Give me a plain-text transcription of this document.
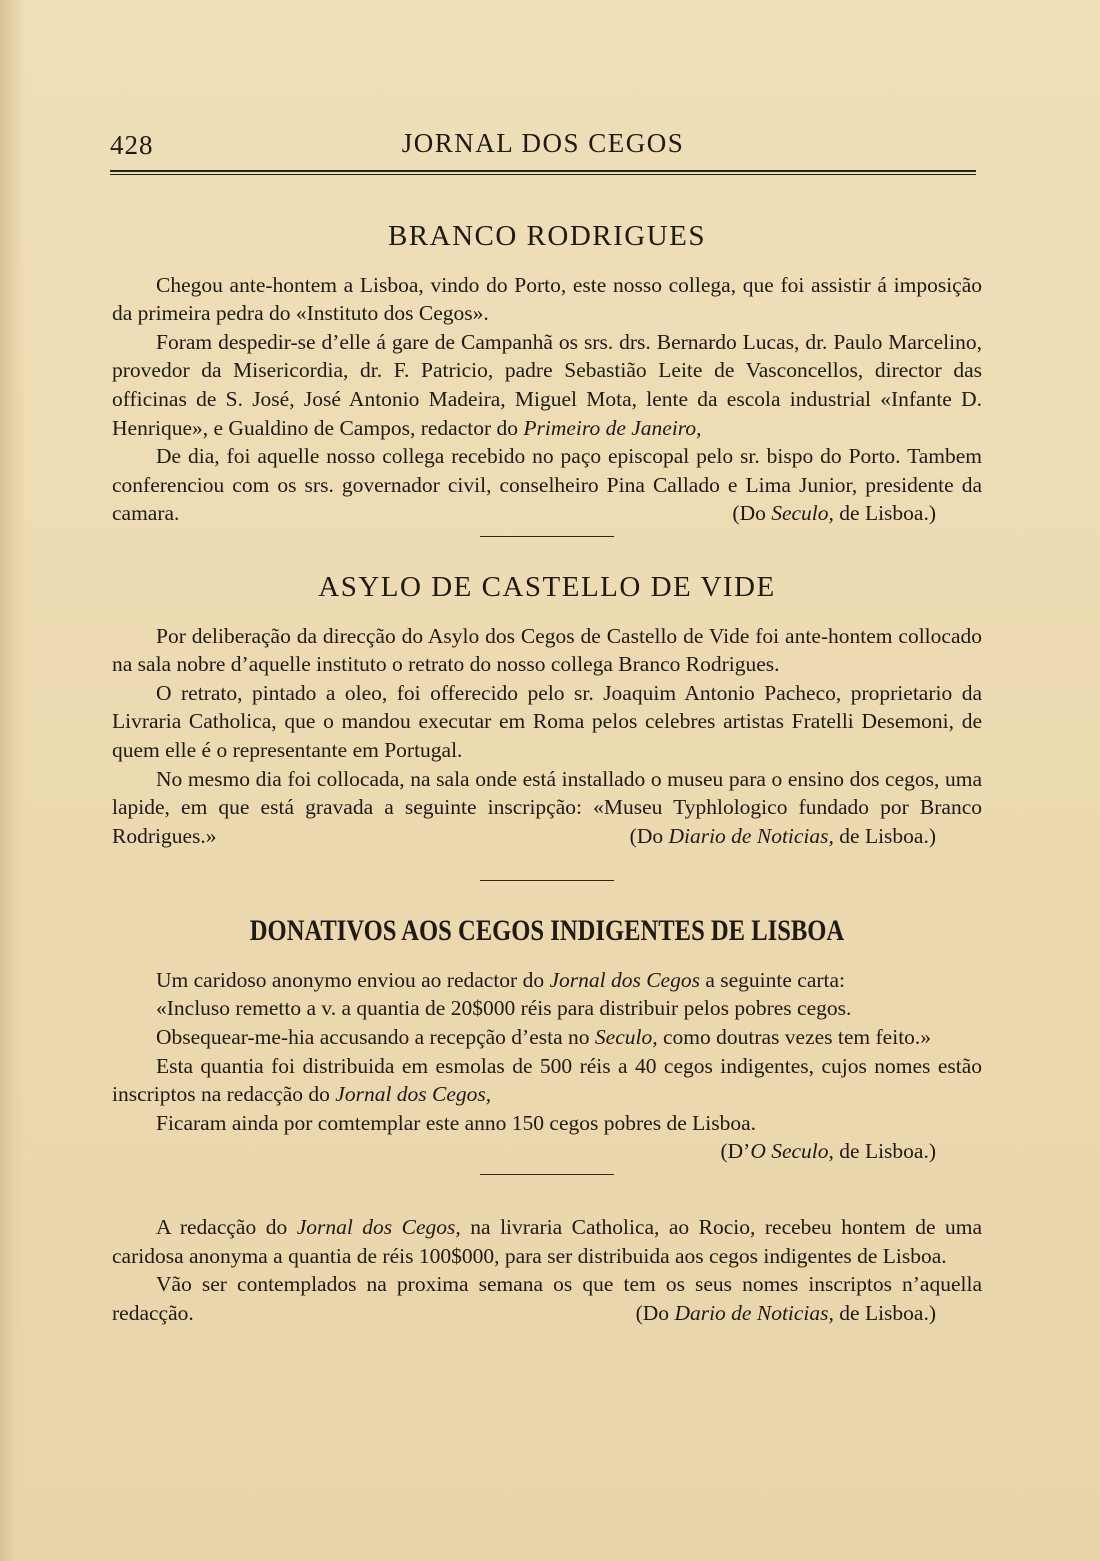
428	JORNAL DOS CEGOS
BRANCO RODRIGUES

Chegou ante-hontem a Lisboa, vindo do Porto, este nosso collega, que foi assistir á imposição da primeira pedra do «Instituto dos Cegos».

Foram despedir-se d’elle á gare de Campanhã os srs. drs. Bernardo Lucas, dr. Paulo Marcelino, provedor da Misericordia, dr. F. Patricio, padre Sebastião Leite de Vasconcellos, director das officinas de S. José, José Antonio Madeira, Miguel Mota, lente da escola industrial «Infante D. Henrique», e Gualdino de Campos, redactor do Primeiro de Janeiro,

De dia, foi aquelle nosso collega recebido no paço episcopal pelo sr. bispo do Porto. Tambem conferenciou com os srs. governador civil, conselheiro Pina Callado e Lima Junior, presidente da camara.	(Do Seculo, de Lisboa.)

ASYLO DE CASTELLO DE VIDE

Por deliberação da direcção do Asylo dos Cegos de Castello de Vide foi ante-hontem collocado na sala nobre d’aquelle instituto o retrato do nosso collega Branco Rodrigues.

O retrato, pintado a oleo, foi offerecido pelo sr. Joaquim Antonio Pacheco, proprietario da Livraria Catholica, que o mandou executar em Roma pelos celebres artistas Fratelli Desemoni, de quem elle é o representante em Portugal.

No mesmo dia foi collocada, na sala onde está installado o museu para o ensino dos cegos, uma lapide, em que está gravada a seguinte inscripção: «Museu Typhlologico fundado por Branco Rodrigues.»	(Do Diario de Noticias, de Lisboa.)

DONATIVOS AOS CEGOS INDIGENTES DE LISBOA

Um caridoso anonymo enviou ao redactor do Jornal dos Cegos a seguinte carta:

«Incluso remetto a v. a quantia de 20$000 réis para distribuir pelos pobres cegos.

Obsequear-me-hia accusando a recepção d’esta no Seculo, como doutras vezes tem feito.»

Esta quantia foi distribuida em esmolas de 500 réis a 40 cegos indigentes, cujos nomes estão inscriptos na redacção do Jornal dos Cegos,

Ficaram ainda por comtemplar este anno 150 cegos pobres de Lisboa.

(D’O Seculo, de Lisboa.)

A redacção do Jornal dos Cegos, na livraria Catholica, ao Rocio, recebeu hontem de uma caridosa anonyma a quantia de réis 100$000, para ser distribuida aos cegos indigentes de Lisboa.

Vão ser contemplados na proxima semana os que tem os seus nomes inscriptos n’aquella redacção.	(Do Dario de Noticias, de Lisboa.)
